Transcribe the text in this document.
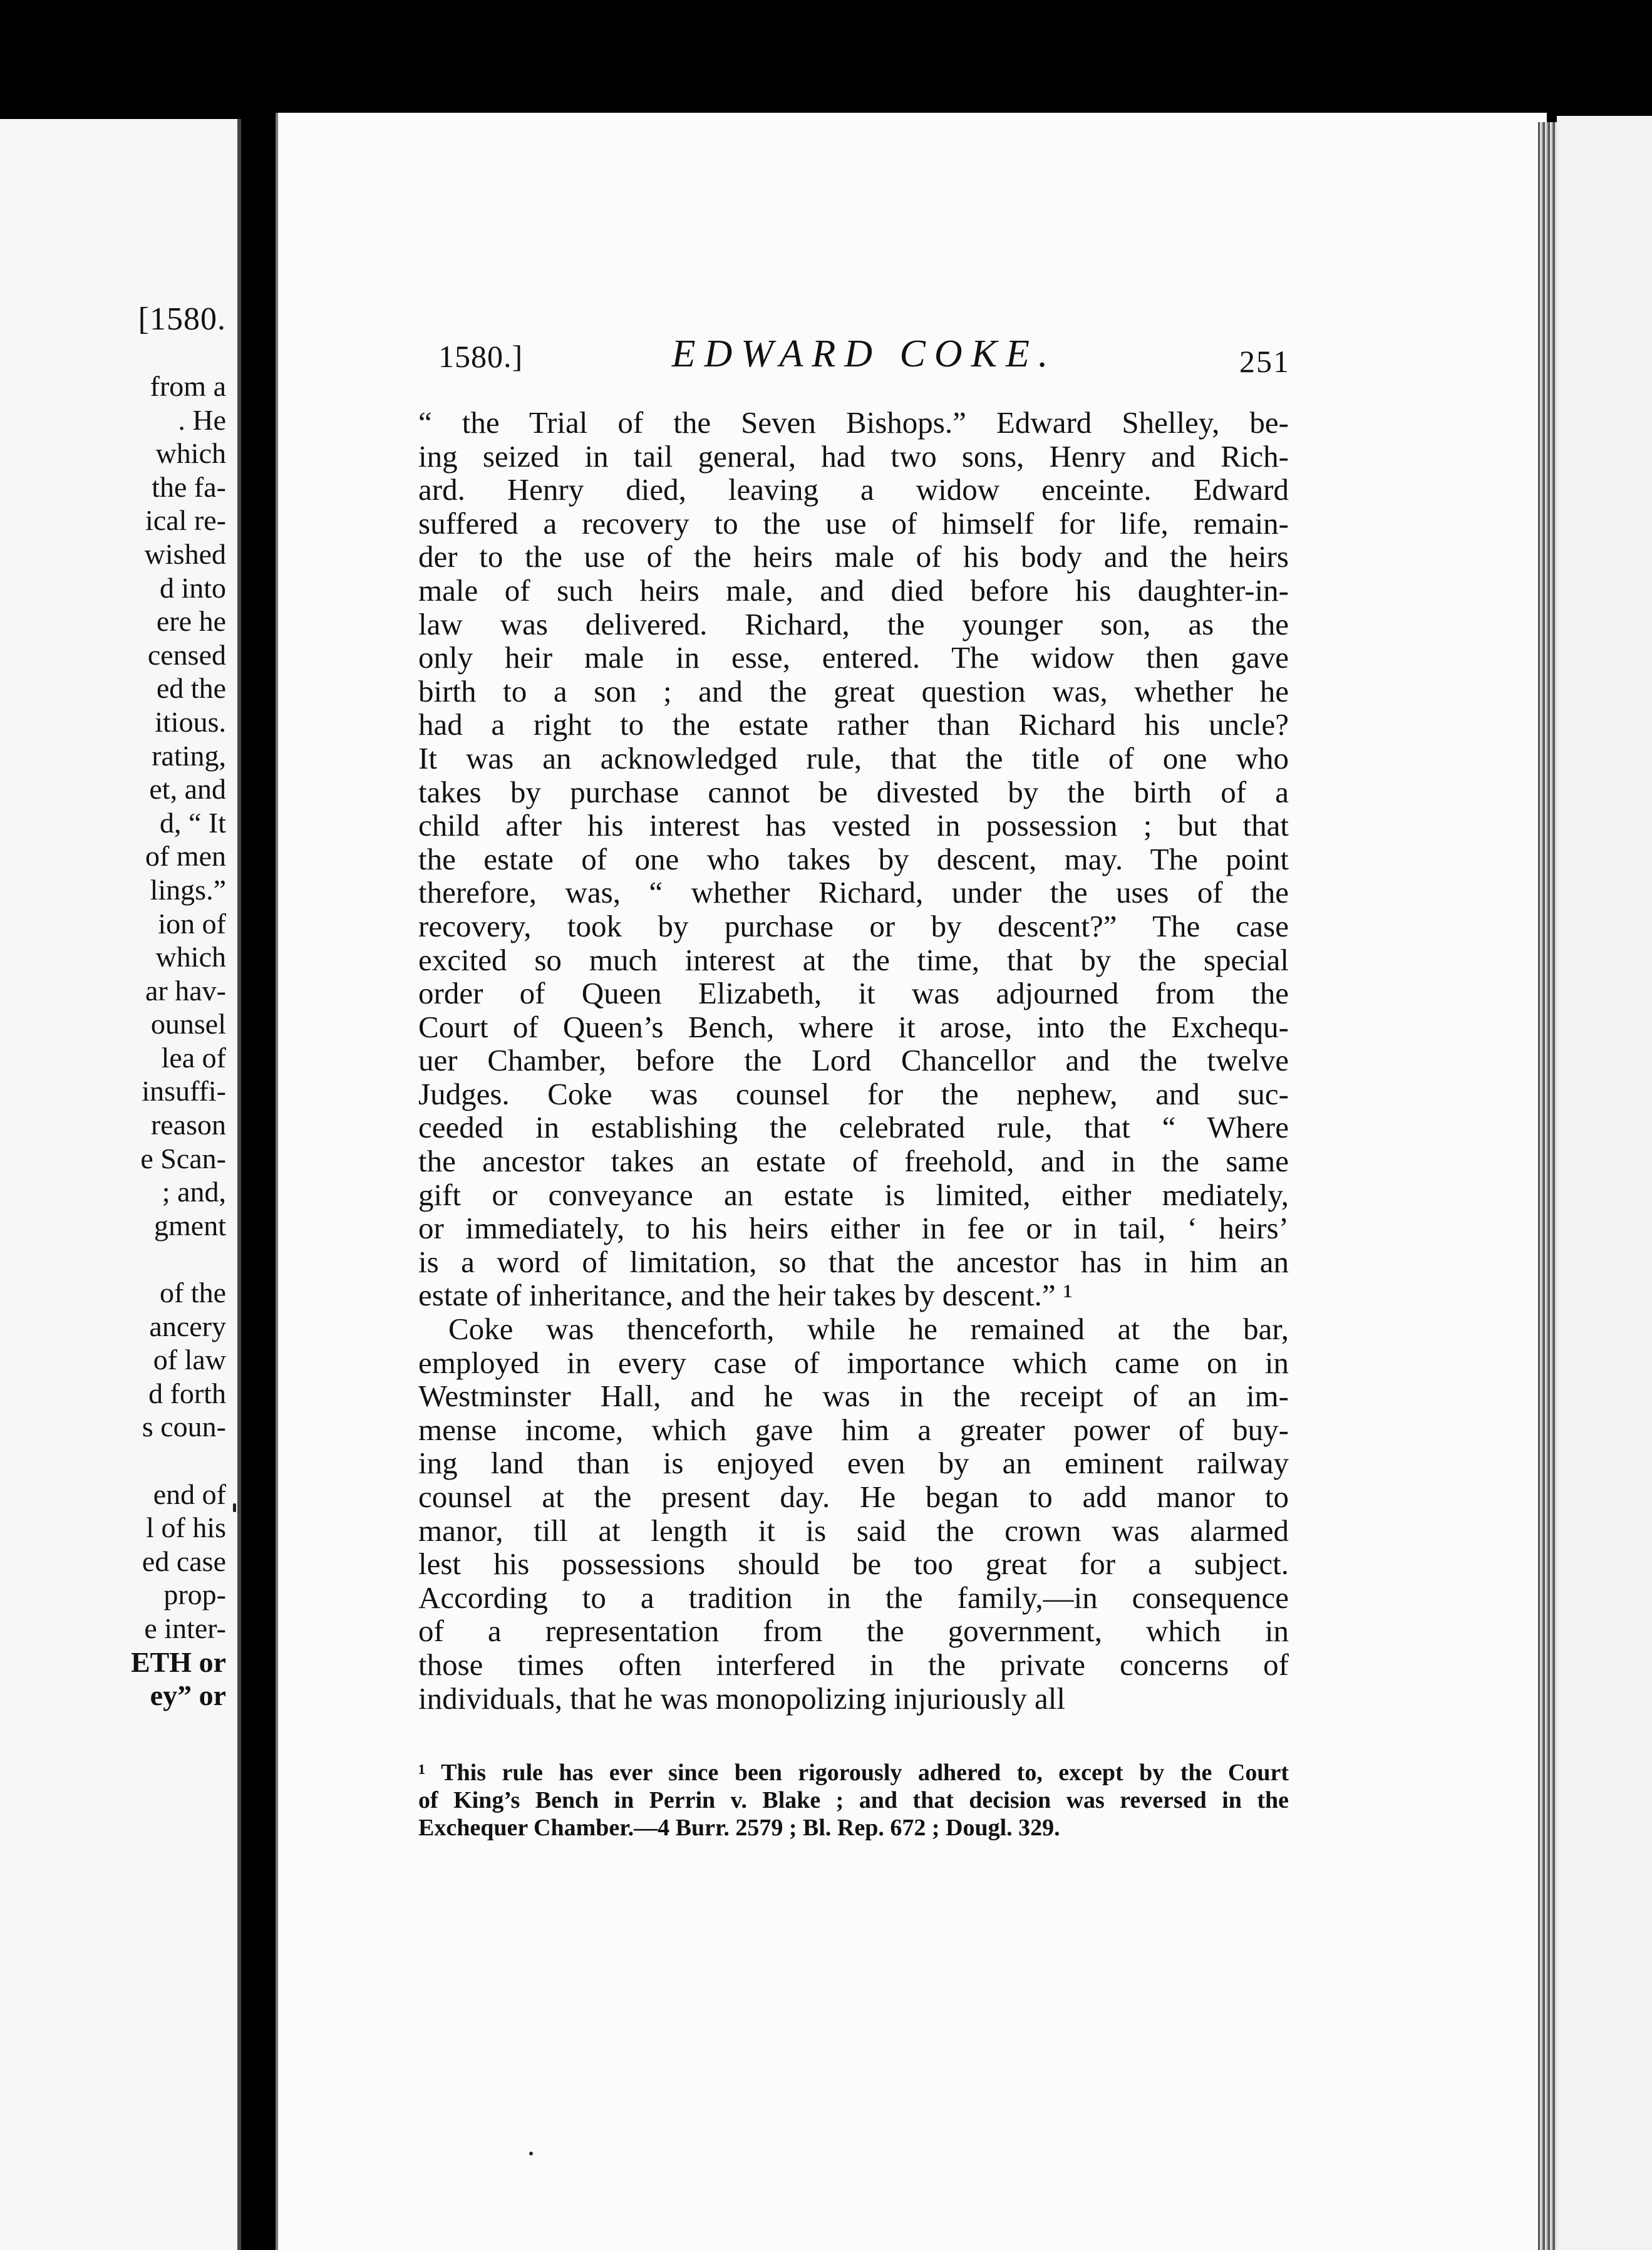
[1580.
from a
. He
which
the fa-
ical re-
wished
d into
ere he
censed
ed the
itious.
rating,
et, and
d, “ It
of men
lings.”
ion of
which
ar hav-
ounsel
lea of
insuffi-
reason
e Scan-
; and,
gment

of the
ancery
of law
d forth
s coun-

end of
l of his
ed case
prop-
e inter-
ETH or
ey” or
1580.]	EDWARD COKE.	251
“ the Trial of the Seven Bishops.” Edward Shelley, be-
ing seized in tail general, had two sons, Henry and Rich-
ard. Henry died, leaving a widow enceinte. Edward
suffered a recovery to the use of himself for life, remain-
der to the use of the heirs male of his body and the heirs
male of such heirs male, and died before his daughter-in-
law was delivered. Richard, the younger son, as the
only heir male in esse, entered. The widow then gave
birth to a son ; and the great question was, whether he
had a right to the estate rather than Richard his uncle?
It was an acknowledged rule, that the title of one who
takes by purchase cannot be divested by the birth of a
child after his interest has vested in possession ; but that
the estate of one who takes by descent, may. The point
therefore, was, “ whether Richard, under the uses of the
recovery, took by purchase or by descent?” The case
excited so much interest at the time, that by the special
order of Queen Elizabeth, it was adjourned from the
Court of Queen’s Bench, where it arose, into the Exchequ-
uer Chamber, before the Lord Chancellor and the twelve
Judges. Coke was counsel for the nephew, and suc-
ceeded in establishing the celebrated rule, that “ Where
the ancestor takes an estate of freehold, and in the same
gift or conveyance an estate is limited, either mediately,
or immediately, to his heirs either in fee or in tail, ‘ heirs’
is a word of limitation, so that the ancestor has in him an
estate of inheritance, and the heir takes by descent.” ¹
Coke was thenceforth, while he remained at the bar,
employed in every case of importance which came on in
Westminster Hall, and he was in the receipt of an im-
mense income, which gave him a greater power of buy-
ing land than is enjoyed even by an eminent railway
counsel at the present day. He began to add manor to
manor, till at length it is said the crown was alarmed
lest his possessions should be too great for a subject.
According to a tradition in the family,—in consequence
of a representation from the government, which in
those times often interfered in the private concerns of
individuals, that he was monopolizing injuriously all
¹ This rule has ever since been rigorously adhered to, except by the Court
of King’s Bench in Perrin v. Blake ; and that decision was reversed in the
Exchequer Chamber.—4 Burr. 2579 ; Bl. Rep. 672 ; Dougl. 329.
